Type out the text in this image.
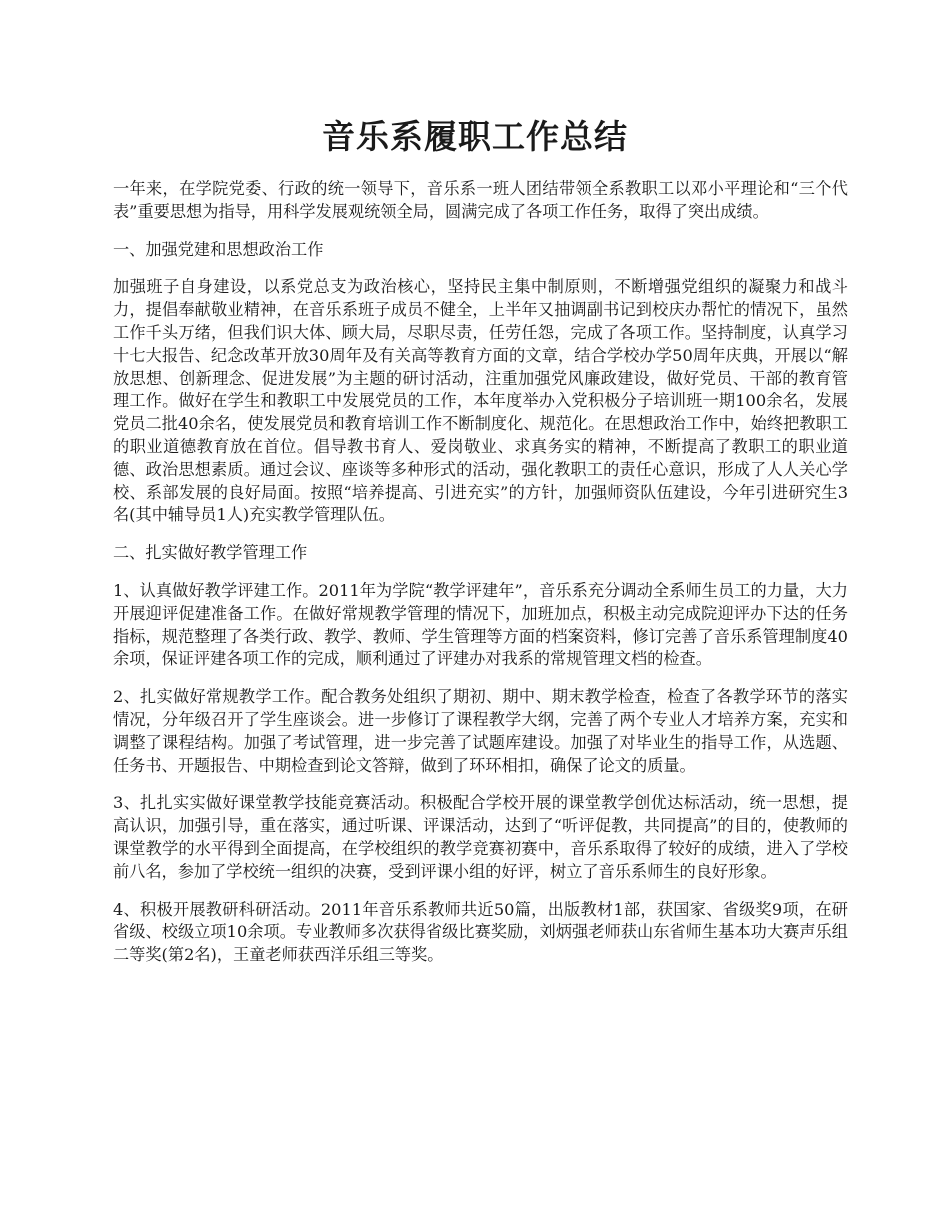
音乐系履职工作总结

一年来，在学院党委、行政的统一领导下，音乐系一班人团结带领全系教职工以邓小平理论和“三个代表”重要思想为指导，用科学发展观统领全局，圆满完成了各项工作任务，取得了突出成绩。

一、加强党建和思想政治工作

加强班子自身建设，以系党总支为政治核心，坚持民主集中制原则，不断增强党组织的凝聚力和战斗力，提倡奉献敬业精神，在音乐系班子成员不健全，上半年又抽调副书记到校庆办帮忙的情况下，虽然工作千头万绪，但我们识大体、顾大局，尽职尽责，任劳任怨，完成了各项工作。坚持制度，认真学习十七大报告、纪念改革开放30周年及有关高等教育方面的文章，结合学校办学50周年庆典，开展以“解放思想、创新理念、促进发展”为主题的研讨活动，注重加强党风廉政建设，做好党员、干部的教育管理工作。做好在学生和教职工中发展党员的工作，本年度举办入党积极分子培训班一期100余名，发展党员二批40余名，使发展党员和教育培训工作不断制度化、规范化。在思想政治工作中，始终把教职工的职业道德教育放在首位。倡导教书育人、爱岗敬业、求真务实的精神，不断提高了教职工的职业道德、政治思想素质。通过会议、座谈等多种形式的活动，强化教职工的责任心意识，形成了人人关心学校、系部发展的良好局面。按照“培养提高、引进充实”的方针，加强师资队伍建设，今年引进研究生3名(其中辅导员1人)充实教学管理队伍。

二、扎实做好教学管理工作

1、认真做好教学评建工作。2011年为学院“教学评建年”，音乐系充分调动全系师生员工的力量，大力开展迎评促建准备工作。在做好常规教学管理的情况下，加班加点，积极主动完成院迎评办下达的任务指标，规范整理了各类行政、教学、教师、学生管理等方面的档案资料，修订完善了音乐系管理制度40余项，保证评建各项工作的完成，顺利通过了评建办对我系的常规管理文档的检查。

2、扎实做好常规教学工作。配合教务处组织了期初、期中、期末教学检查，检查了各教学环节的落实情况，分年级召开了学生座谈会。进一步修订了课程教学大纲，完善了两个专业人才培养方案，充实和调整了课程结构。加强了考试管理，进一步完善了试题库建设。加强了对毕业生的指导工作，从选题、任务书、开题报告、中期检查到论文答辩，做到了环环相扣，确保了论文的质量。

3、扎扎实实做好课堂教学技能竞赛活动。积极配合学校开展的课堂教学创优达标活动，统一思想，提高认识，加强引导，重在落实，通过听课、评课活动，达到了“听评促教，共同提高”的目的，使教师的课堂教学的水平得到全面提高，在学校组织的教学竞赛初赛中，音乐系取得了较好的成绩，进入了学校前八名，参加了学校统一组织的决赛，受到评课小组的好评，树立了音乐系师生的良好形象。

4、积极开展教研科研活动。2011年音乐系教师共近50篇，出版教材1部，获国家、省级奖9项，在研省级、校级立项10余项。专业教师多次获得省级比赛奖励，刘炳强老师获山东省师生基本功大赛声乐组二等奖(第2名)，王童老师获西洋乐组三等奖。
